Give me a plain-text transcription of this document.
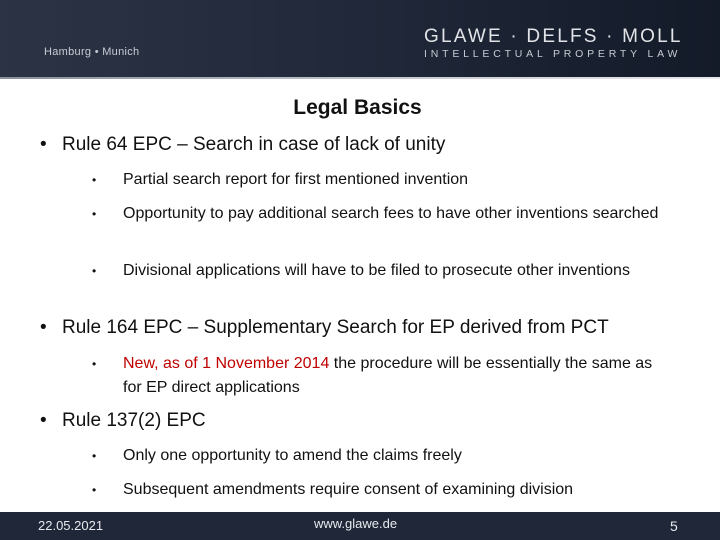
Hamburg • Munich
GLAWE · DELFS · MOLL
INTELLECTUAL PROPERTY LAW
Legal Basics
• Rule 64 EPC – Search in case of lack of unity
• Partial search report for first mentioned invention
• Opportunity to pay additional search fees to have other inventions searched
• Divisional applications will have to be filed to prosecute other inventions
• Rule 164 EPC – Supplementary Search for EP derived from PCT
• New, as of 1 November 2014 the procedure will be essentially the same as for EP direct applications
• Rule 137(2) EPC
• Only one opportunity to amend the claims freely
• Subsequent amendments require consent of examining division
22.05.2021	www.glawe.de	5
